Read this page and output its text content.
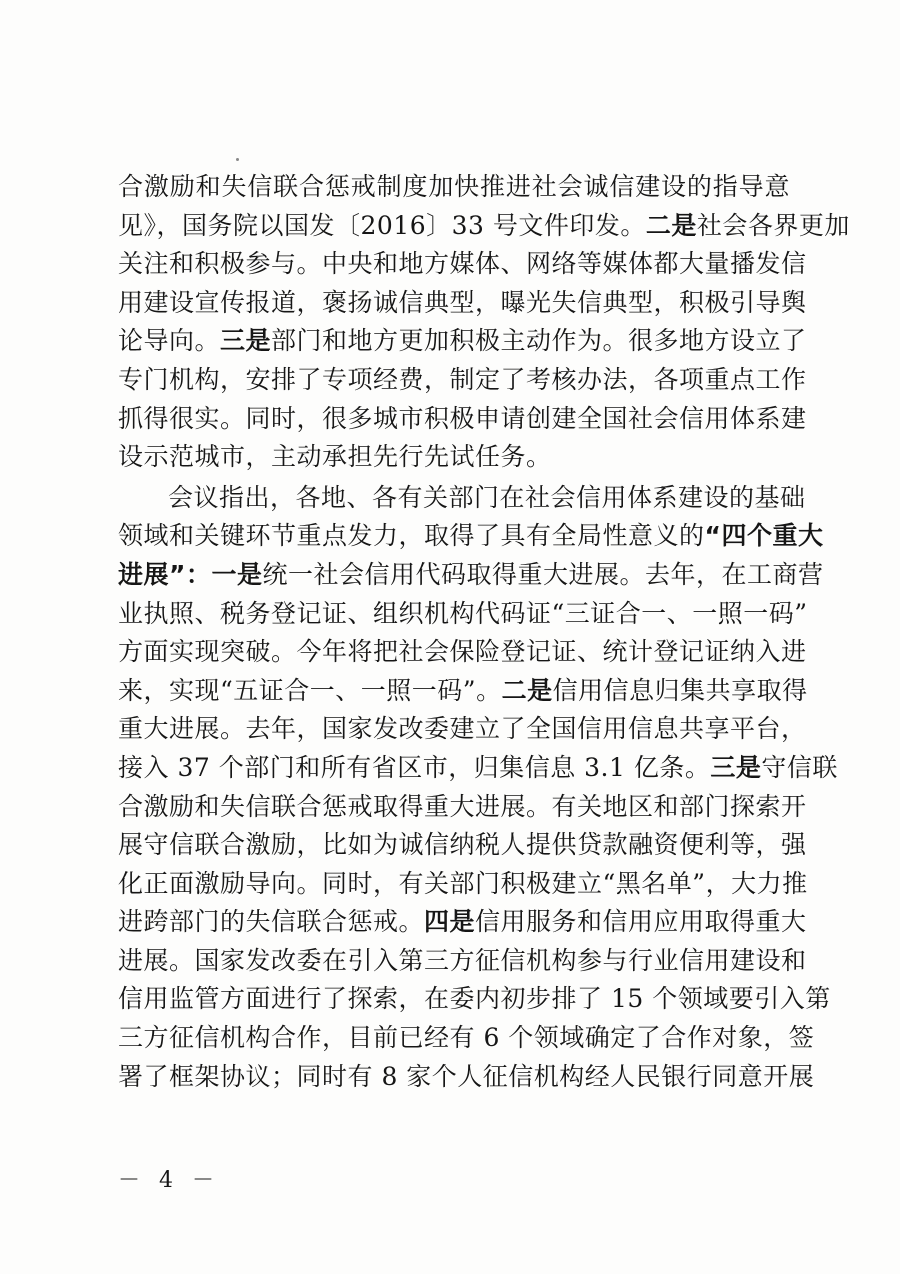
合激励和失信联合惩戒制度加快推进社会诚信建设的指导意
见》，国务院以国发〔2016〕33 号文件印发。二是社会各界更加
关注和积极参与。中央和地方媒体、网络等媒体都大量播发信
用建设宣传报道，褒扬诚信典型，曝光失信典型，积极引导舆
论导向。三是部门和地方更加积极主动作为。很多地方设立了
专门机构，安排了专项经费，制定了考核办法，各项重点工作
抓得很实。同时，很多城市积极申请创建全国社会信用体系建
设示范城市，主动承担先行先试任务。
会议指出，各地、各有关部门在社会信用体系建设的基础
领域和关键环节重点发力，取得了具有全局性意义的“四个重大
进展”：一是统一社会信用代码取得重大进展。去年，在工商营
业执照、税务登记证、组织机构代码证“三证合一、一照一码”
方面实现突破。今年将把社会保险登记证、统计登记证纳入进
来，实现“五证合一、一照一码”。二是信用信息归集共享取得
重大进展。去年，国家发改委建立了全国信用信息共享平台，
接入 37 个部门和所有省区市，归集信息 3.1 亿条。三是守信联
合激励和失信联合惩戒取得重大进展。有关地区和部门探索开
展守信联合激励，比如为诚信纳税人提供贷款融资便利等，强
化正面激励导向。同时，有关部门积极建立“黑名单”，大力推
进跨部门的失信联合惩戒。四是信用服务和信用应用取得重大
进展。国家发改委在引入第三方征信机构参与行业信用建设和
信用监管方面进行了探索，在委内初步排了 15 个领域要引入第
三方征信机构合作，目前已经有 6 个领域确定了合作对象，签
署了框架协议；同时有 8 家个人征信机构经人民银行同意开展
－ 4 －
